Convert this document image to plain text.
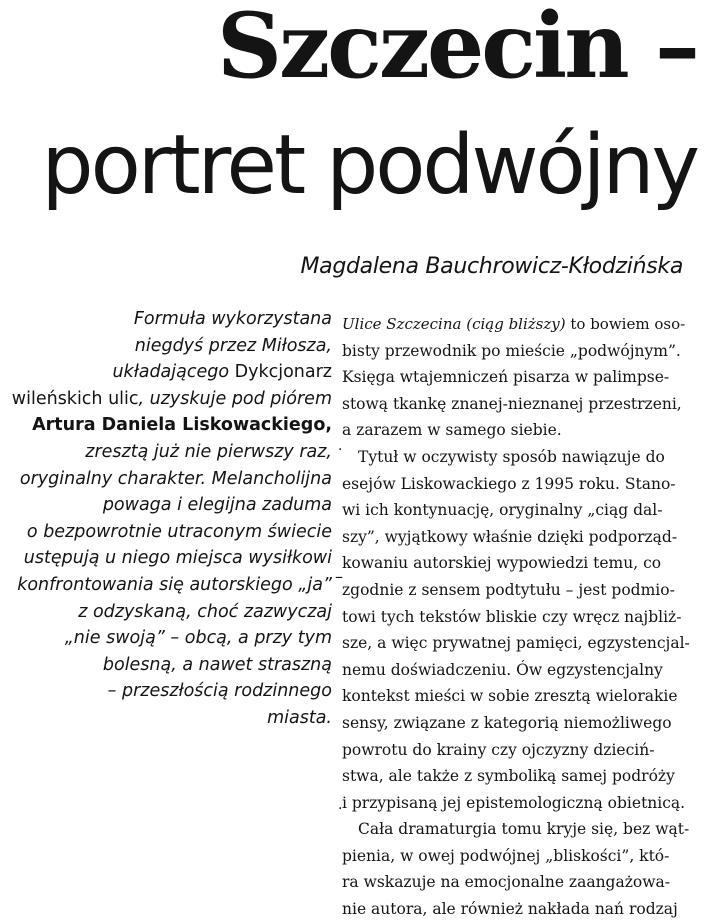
Szczecin –
portret podwójny
Magdalena Bauchrowicz-Kłodzińska
Formuła wykorzystana
niegdyś przez Miłosza,
układającego Dykcjonarz
wileńskich ulic, uzyskuje pod piórem
Artura Daniela Liskowackiego,
zresztą już nie pierwszy raz,
oryginalny charakter. Melancholijna
powaga i elegijna zaduma
o bezpowrotnie utraconym świecie
ustępują u niego miejsca wysiłkowi
konfrontowania się autorskiego „ja”
z odzyskaną, choć zazwyczaj
„nie swoją” – obcą, a przy tym
bolesną, a nawet straszną
– przeszłością rodzinnego
miasta.
·
–
·
Ulice Szczecina (ciąg bliższy) to bowiem oso-
bisty przewodnik po mieście „podwójnym”.
Księga wtajemniczeń pisarza w palimpse-
stową tkankę znanej-nieznanej przestrzeni,
a zarazem w samego siebie.
Tytuł w oczywisty sposób nawiązuje do
esejów Liskowackiego z 1995 roku. Stano-
wi ich kontynuację, oryginalny „ciąg dal-
szy”, wyjątkowy właśnie dzięki podporząd-
kowaniu autorskiej wypowiedzi temu, co
zgodnie z sensem podtytułu – jest podmio-
towi tych tekstów bliskie czy wręcz najbliż-
sze, a więc prywatnej pamięci, egzystencjal-
nemu doświadczeniu. Ów egzystencjalny
kontekst mieści w sobie zresztą wielorakie
sensy, związane z kategorią niemożliwego
powrotu do krainy czy ojczyzny dzieciń-
stwa, ale także z symboliką samej podróży
i przypisaną jej epistemologiczną obietnicą.
Cała dramaturgia tomu kryje się, bez wąt-
pienia, w owej podwójnej „bliskości”, któ-
ra wskazuje na emocjonalne zaangażowa-
nie autora, ale również nakłada nań rodzaj
